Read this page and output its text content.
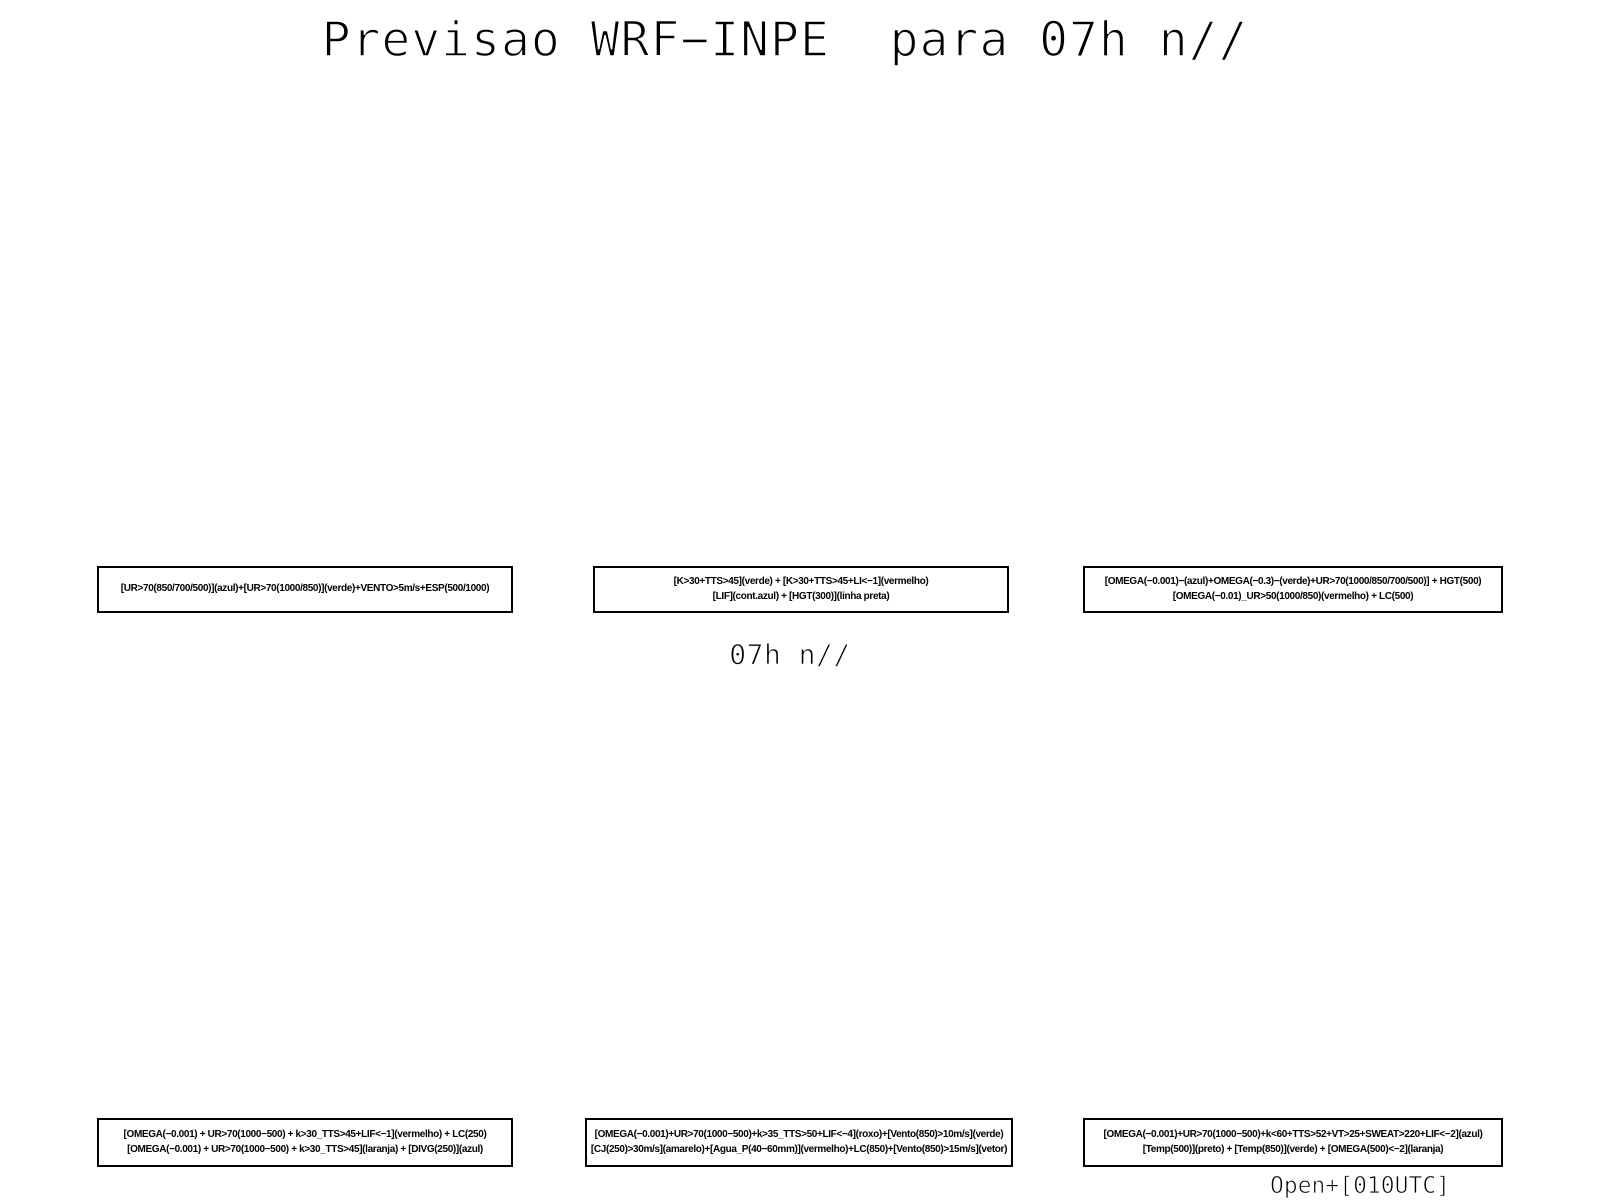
Previsao WRF−INPE  para 07h n//
[UR>70(850/700/500)](azul)+[UR>70(1000/850)](verde)+VENTO>5m/s+ESP(500/1000)
[K>30+TTS>45](verde) + [K>30+TTS>45+LI<−1](vermelho)
[LIF](cont.azul) + [HGT(300)](linha preta)
[OMEGA(−0.001)−(azul)+OMEGA(−0.3)−(verde)+UR>70(1000/850/700/500)] + HGT(500)
[OMEGA(−0.01)_UR>50(1000/850)(vermelho) + LC(500)
07h n//
[OMEGA(−0.001) + UR>70(1000−500) + k>30_TTS>45+LIF<−1](vermelho) + LC(250)
[OMEGA(−0.001) + UR>70(1000−500) + k>30_TTS>45](laranja) + [DIVG(250)](azul)
[OMEGA(−0.001)+UR>70(1000−500)+k>35_TTS>50+LIF<−4](roxo)+[Vento(850)>10m/s](verde)
[CJ(250)>30m/s](amarelo)+[Agua_P(40−60mm)](vermelho)+LC(850)+[Vento(850)>15m/s](vetor)
[OMEGA(−0.001)+UR>70(1000−500)+k<60+TTS>52+VT>25+SWEAT>220+LIF<−2](azul)
[Temp(500)](preto) + [Temp(850)](verde) + [OMEGA(500)<−2](laranja)
Open+[010UTC]
